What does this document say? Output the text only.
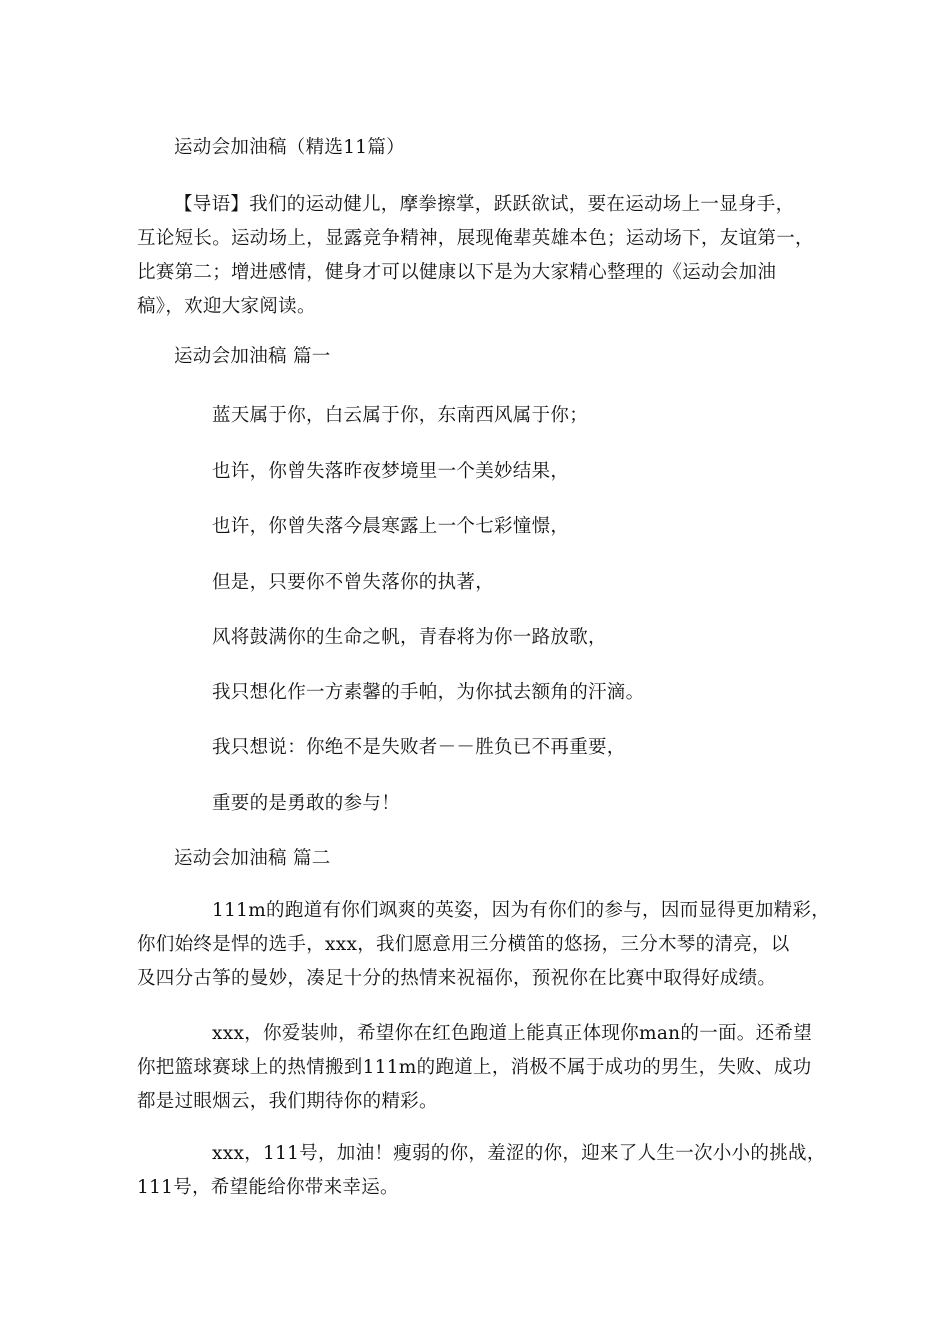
运动会加油稿（精选11篇）
【导语】我们的运动健儿，摩拳擦掌，跃跃欲试，要在运动场上一显身手，
互论短长。运动场上，显露竞争精神，展现俺辈英雄本色；运动场下，友谊第一，
比赛第二；增进感情，健身才可以健康以下是为大家精心整理的《运动会加油
稿》，欢迎大家阅读。
运动会加油稿 篇一
蓝天属于你，白云属于你，东南西风属于你；
也许，你曾失落昨夜梦境里一个美妙结果，
也许，你曾失落今晨寒露上一个七彩憧憬，
但是，只要你不曾失落你的执著，
风将鼓满你的生命之帆，青春将为你一路放歌，
我只想化作一方素馨的手帕，为你拭去额角的汗滴。
我只想说：你绝不是失败者－－胜负已不再重要，
重要的是勇敢的参与！
运动会加油稿 篇二
111m的跑道有你们飒爽的英姿，因为有你们的参与，因而显得更加精彩，
你们始终是悍的选手，xxx，我们愿意用三分横笛的悠扬，三分木琴的清亮，以
及四分古筝的曼妙，凑足十分的热情来祝福你，预祝你在比赛中取得好成绩。
xxx，你爱装帅，希望你在红色跑道上能真正体现你man的一面。还希望
你把篮球赛球上的热情搬到111m的跑道上，消极不属于成功的男生，失败、成功
都是过眼烟云，我们期待你的精彩。
xxx，111号，加油！瘦弱的你，羞涩的你，迎来了人生一次小小的挑战，
111号，希望能给你带来幸运。
